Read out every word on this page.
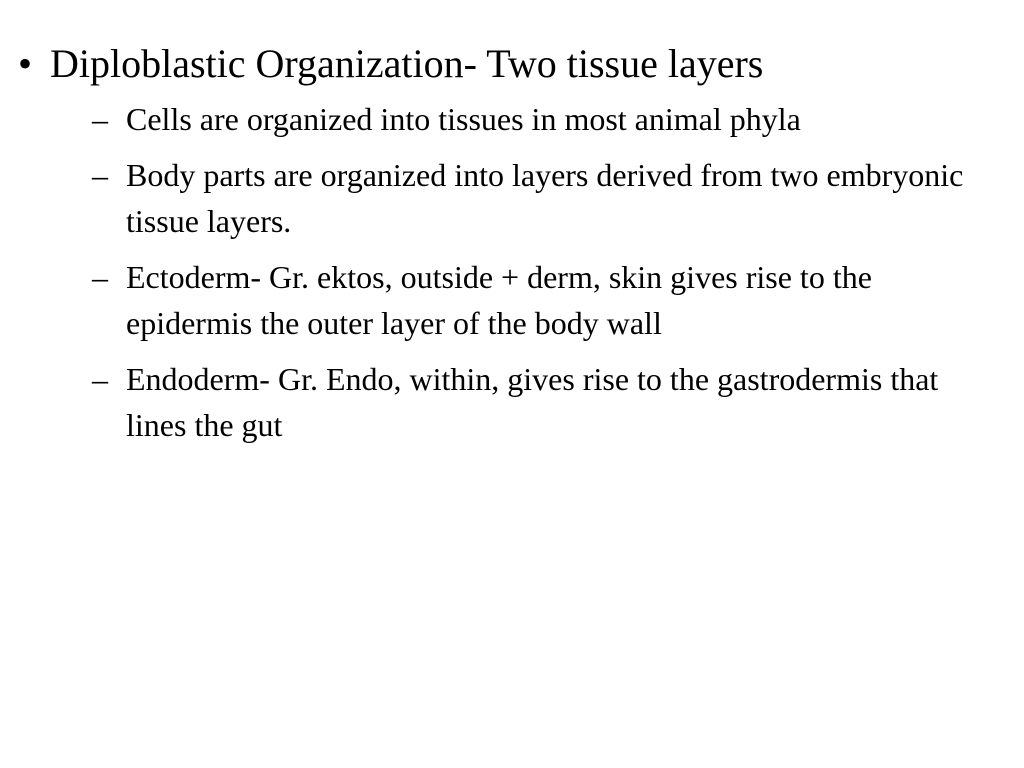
• Diploblastic Organization- Two tissue layers
– Cells are organized into tissues in most animal phyla
– Body parts are organized into layers derived from two embryonic tissue layers.
– Ectoderm- Gr. ektos, outside + derm, skin gives rise to the epidermis the outer layer of the body wall
– Endoderm- Gr. Endo, within, gives rise to the gastrodermis that lines the gut
